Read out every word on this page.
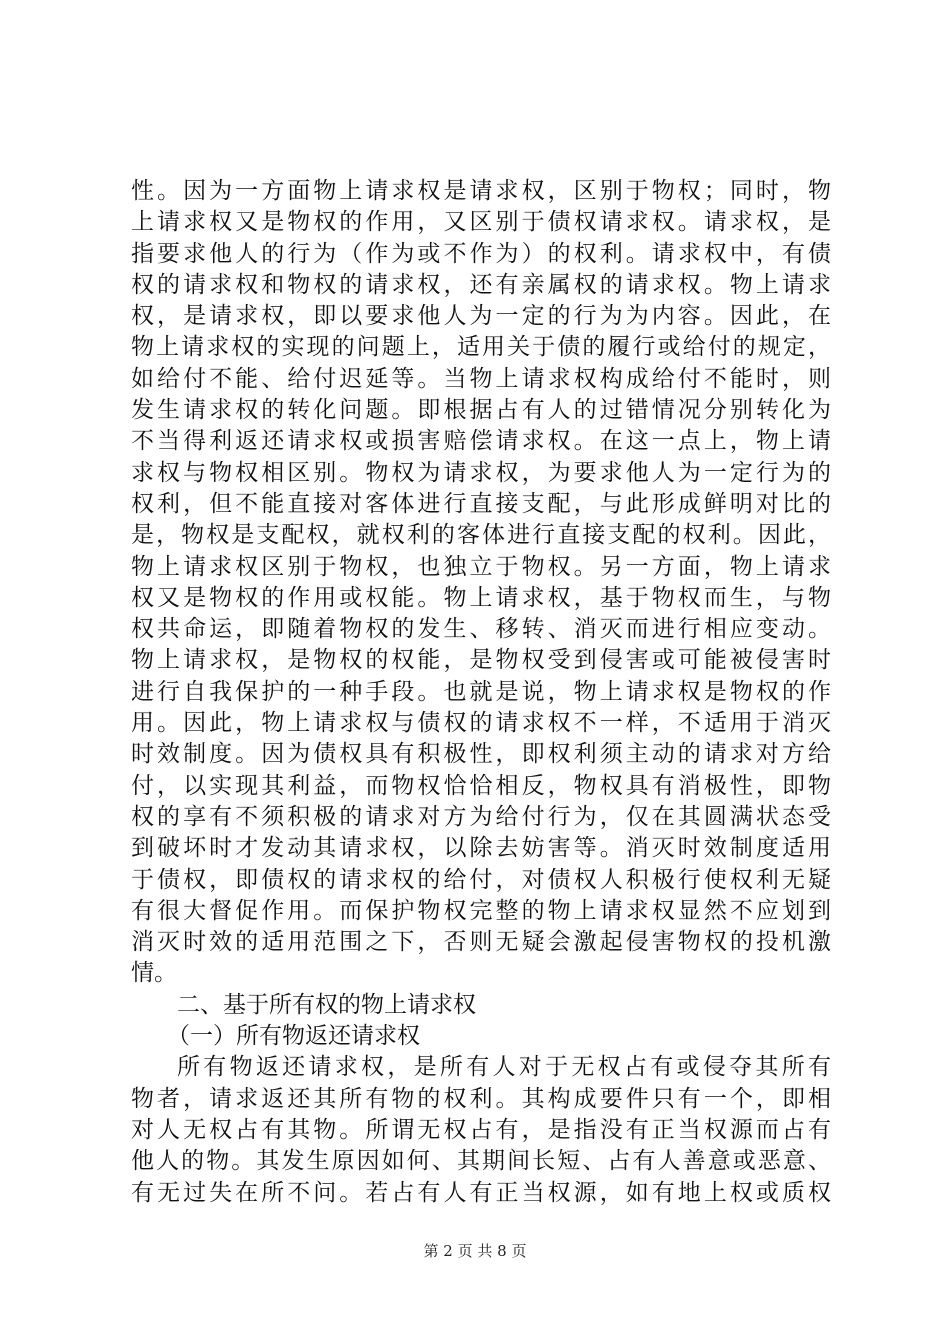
性。因为一方面物上请求权是请求权，区别于物权；同时，物
上请求权又是物权的作用，又区别于债权请求权。请求权，是
指要求他人的行为（作为或不作为）的权利。请求权中，有债
权的请求权和物权的请求权，还有亲属权的请求权。物上请求
权，是请求权，即以要求他人为一定的行为为内容。因此，在
物上请求权的实现的问题上，适用关于债的履行或给付的规定，
如给付不能、给付迟延等。当物上请求权构成给付不能时，则
发生请求权的转化问题。即根据占有人的过错情况分别转化为
不当得利返还请求权或损害赔偿请求权。在这一点上，物上请
求权与物权相区别。物权为请求权，为要求他人为一定行为的
权利，但不能直接对客体进行直接支配，与此形成鲜明对比的
是，物权是支配权，就权利的客体进行直接支配的权利。因此，
物上请求权区别于物权，也独立于物权。另一方面，物上请求
权又是物权的作用或权能。物上请求权，基于物权而生，与物
权共命运，即随着物权的发生、移转、消灭而进行相应变动。
物上请求权，是物权的权能，是物权受到侵害或可能被侵害时
进行自我保护的一种手段。也就是说，物上请求权是物权的作
用。因此，物上请求权与债权的请求权不一样，不适用于消灭
时效制度。因为债权具有积极性，即权利须主动的请求对方给
付，以实现其利益，而物权恰恰相反，物权具有消极性，即物
权的享有不须积极的请求对方为给付行为，仅在其圆满状态受
到破坏时才发动其请求权，以除去妨害等。消灭时效制度适用
于债权，即债权的请求权的给付，对债权人积极行使权利无疑
有很大督促作用。而保护物权完整的物上请求权显然不应划到
消灭时效的适用范围之下，否则无疑会激起侵害物权的投机激
情。
二、基于所有权的物上请求权
（一）所有物返还请求权
所有物返还请求权，是所有人对于无权占有或侵夺其所有
物者，请求返还其所有物的权利。其构成要件只有一个，即相
对人无权占有其物。所谓无权占有，是指没有正当权源而占有
他人的物。其发生原因如何、其期间长短、占有人善意或恶意、
有无过失在所不问。若占有人有正当权源，如有地上权或质权
第 2 页 共 8 页
